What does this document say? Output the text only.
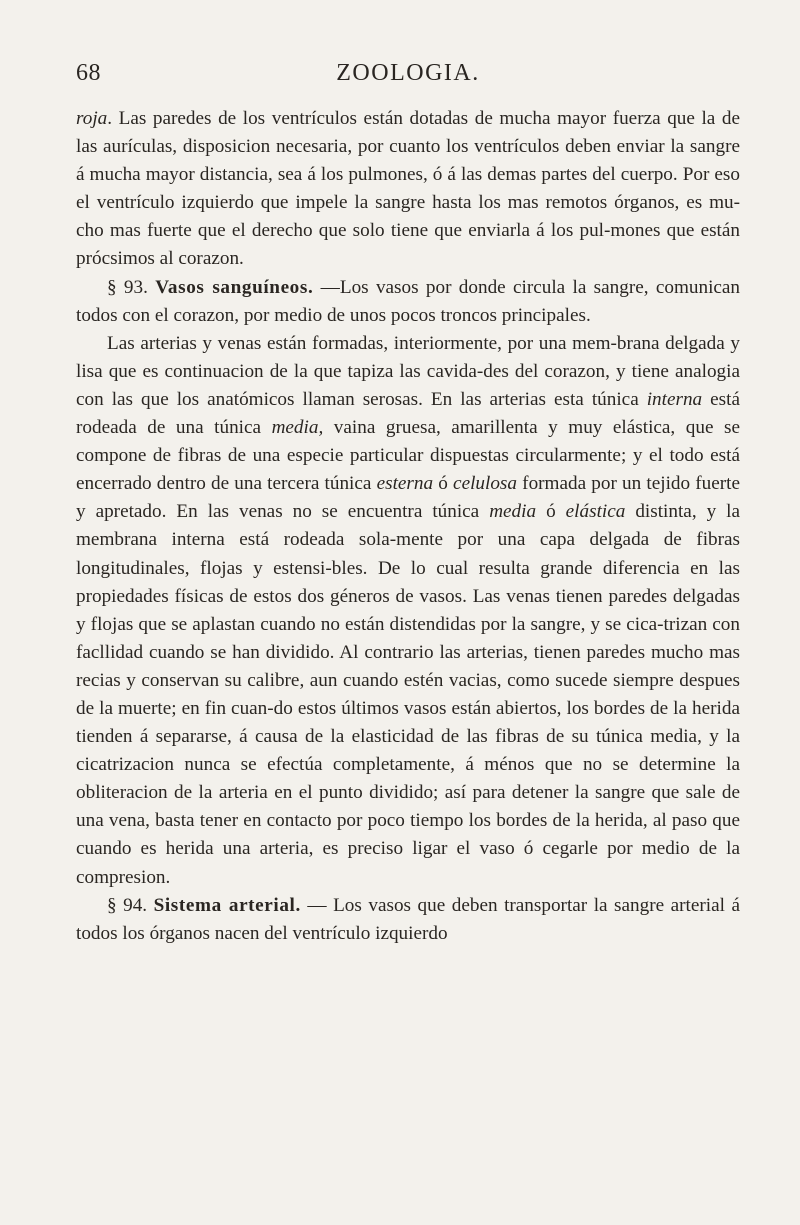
68	ZOOLOGIA.

roja. Las paredes de los ventrículos están dotadas de mucha mayor fuerza que la de las aurículas, disposicion necesaria, por cuanto los ventrículos deben enviar la sangre á mucha mayor distancia, sea á los pulmones, ó á las demas partes del cuerpo. Por eso el ventrículo izquierdo que impele la sangre hasta los mas remotos órganos, es mu-cho mas fuerte que el derecho que solo tiene que enviarla á los pul-mones que están prócsimos al corazon.

§ 93. Vasos sanguíneos. —Los vasos por donde circula la sangre, comunican todos con el corazon, por medio de unos pocos troncos principales.

Las arterias y venas están formadas, interiormente, por una mem-brana delgada y lisa que es continuacion de la que tapiza las cavida-des del corazon, y tiene analogia con las que los anatómicos llaman serosas. En las arterias esta túnica interna está rodeada de una túnica media, vaina gruesa, amarillenta y muy elástica, que se compone de fibras de una especie particular dispuestas circularmente; y el todo está encerrado dentro de una tercera túnica esterna ó celulosa formada por un tejido fuerte y apretado. En las venas no se encuentra túnica media ó elástica distinta, y la membrana interna está rodeada sola-mente por una capa delgada de fibras longitudinales, flojas y estensi-bles. De lo cual resulta grande diferencia en las propiedades físicas de estos dos géneros de vasos. Las venas tienen paredes delgadas y flojas que se aplastan cuando no están distendidas por la sangre, y se cica-trizan con facllidad cuando se han dividido. Al contrario las arterias, tienen paredes mucho mas recias y conservan su calibre, aun cuando estén vacias, como sucede siempre despues de la muerte; en fin cuan-do estos últimos vasos están abiertos, los bordes de la herida tienden á separarse, á causa de la elasticidad de las fibras de su túnica media, y la cicatrizacion nunca se efectúa completamente, á ménos que no se determine la obliteracion de la arteria en el punto dividido; así para detener la sangre que sale de una vena, basta tener en contacto por poco tiempo los bordes de la herida, al paso que cuando es herida una arteria, es preciso ligar el vaso ó cegarle por medio de la compresion.

§ 94. Sistema arterial. — Los vasos que deben transportar la sangre arterial á todos los órganos nacen del ventrículo izquierdo
